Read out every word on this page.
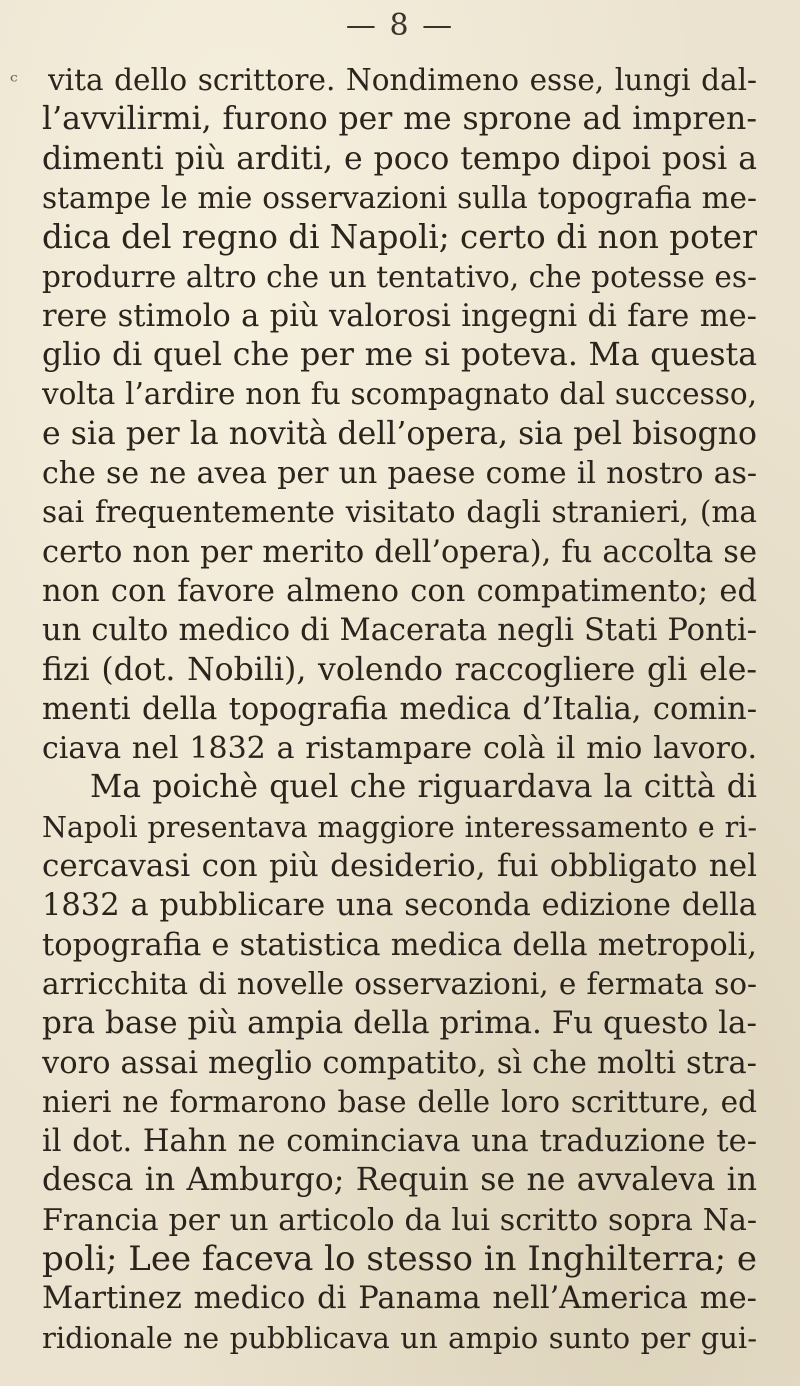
— 8 —
ᶜ vita dello scrittore. Nondimeno esse, lungi dal-
l’avvilirmi, furono per me sprone ad impren-
dimenti più arditi, e poco tempo dipoi posi a
stampe le mie osservazioni sulla topografia me-
dica del regno di Napoli; certo di non poter
produrre altro che un tentativo, che potesse es-
rere stimolo a più valorosi ingegni di fare me-
glio di quel che per me si poteva. Ma questa
volta l’ardire non fu scompagnato dal successo,
e sia per la novità dell’opera, sia pel bisogno
che se ne avea per un paese come il nostro as-
sai frequentemente visitato dagli stranieri, (ma
certo non per merito dell’opera), fu accolta se
non con favore almeno con compatimento; ed
un culto medico di Macerata negli Stati Ponti-
fizi (dot. Nobili), volendo raccogliere gli ele-
menti della topografia medica d’Italia, comin-
ciava nel 1832 a ristampare colà il mio lavoro.
Ma poichè quel che riguardava la città di
Napoli presentava maggiore interessamento e ri-
cercavasi con più desiderio, fui obbligato nel
1832 a pubblicare una seconda edizione della
topografia e statistica medica della metropoli,
arricchita di novelle osservazioni, e fermata so-
pra base più ampia della prima. Fu questo la-
voro assai meglio compatito, sì che molti stra-
nieri ne formarono base delle loro scritture, ed
il dot. Hahn ne cominciava una traduzione te-
desca in Amburgo; Requin se ne avvaleva in
Francia per un articolo da lui scritto sopra Na-
poli; Lee faceva lo stesso in Inghilterra; e
Martinez medico di Panama nell’America me-
ridionale ne pubblicava un ampio sunto per gui-
